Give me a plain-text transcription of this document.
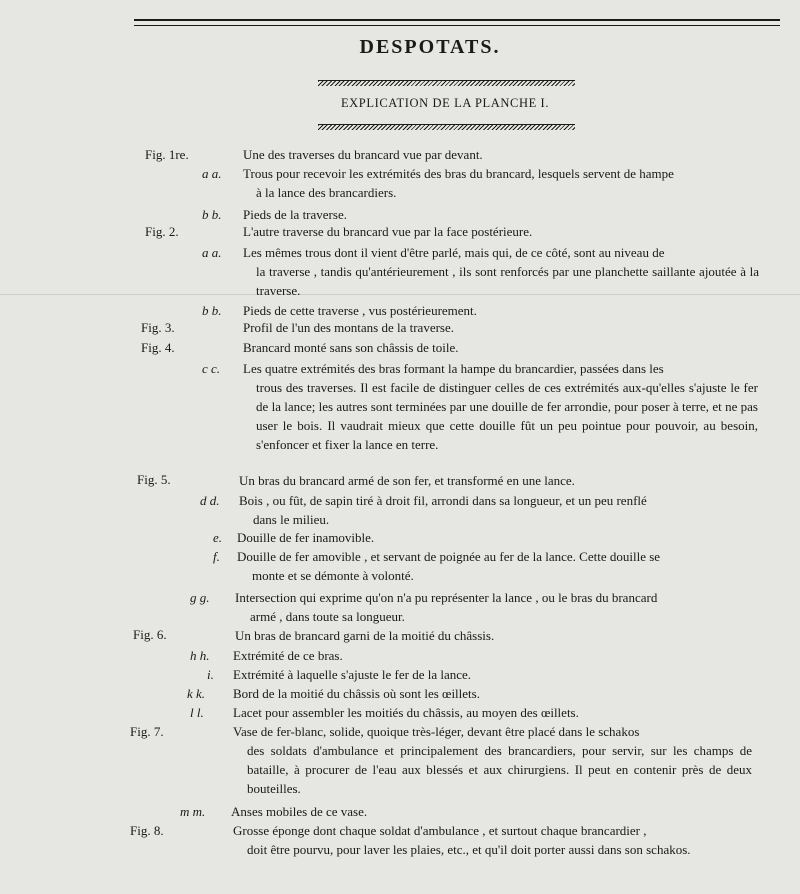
DESPOTATS.
EXPLICATION DE LA PLANCHE I.
Fig. 1re.	Une des traverses du brancard vue par devant.
a a. Trous pour recevoir les extrémités des bras du brancard, lesquels servent de hampe
à la lance des brancardiers.
b b. Pieds de la traverse.
Fig. 2.	L'autre traverse du brancard vue par la face postérieure.
a a. Les mêmes trous dont il vient d'être parlé, mais qui, de ce côté, sont au niveau de
la traverse , tandis qu'antérieurement , ils sont renforcés par une planchette saillante ajoutée à la traverse.
b b. Pieds de cette traverse , vus postérieurement.
Fig. 3.	Profil de l'un des montans de la traverse.
Fig. 4.	Brancard monté sans son châssis de toile.
c c. Les quatre extrémités des bras formant la hampe du brancardier, passées dans les
trous des traverses. Il est facile de distinguer celles de ces extrémités aux-qu'elles s'ajuste le fer de la lance; les autres sont terminées par une douille de fer arrondie, pour poser à terre, et ne pas user le bois. Il vaudrait mieux que cette douille fût un peu pointue pour pouvoir, au besoin, s'enfoncer et fixer la lance en terre.
Fig. 5.	Un bras du brancard armé de son fer, et transformé en une lance.
d d. Bois , ou fût, de sapin tiré à droit fil, arrondi dans sa longueur, et un peu renflé
dans le milieu.
e. Douille de fer inamovible.
f. Douille de fer amovible , et servant de poignée au fer de la lance. Cette douille se
monte et se démonte à volonté.
g g. Intersection qui exprime qu'on n'a pu représenter la lance , ou le bras du brancard
armé , dans toute sa longueur.
Fig. 6.	Un bras de brancard garni de la moitié du châssis.
h h. Extrémité de ce bras.
i. Extrémité à laquelle s'ajuste le fer de la lance.
k k. Bord de la moitié du châssis où sont les œillets.
l l. Lacet pour assembler les moitiés du châssis, au moyen des œillets.
Fig. 7.	Vase de fer-blanc, solide, quoique très-léger, devant être placé dans le schakos
des soldats d'ambulance et principalement des brancardiers, pour servir, sur les champs de bataille, à procurer de l'eau aux blessés et aux chirurgiens. Il peut en contenir près de deux bouteilles.
m m. Anses mobiles de ce vase.
Fig. 8.	Grosse éponge dont chaque soldat d'ambulance , et surtout chaque brancardier ,
doit être pourvu, pour laver les plaies, etc., et qu'il doit porter aussi dans son schakos.
